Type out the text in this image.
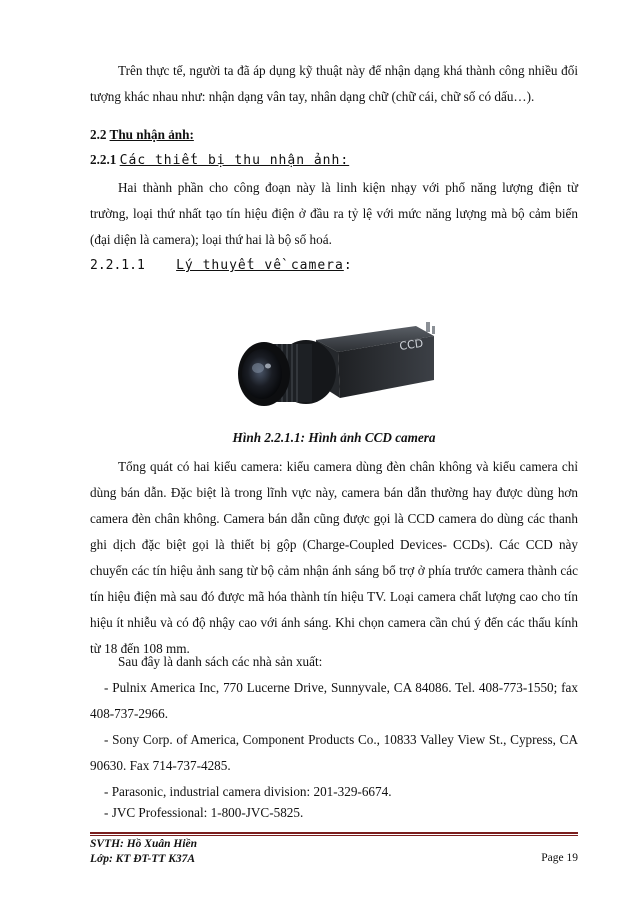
Trên thực tế, người ta đã áp dụng kỹ thuật này để nhận dạng khá thành công nhiều đối tượng khác nhau như: nhận dạng vân tay, nhân dạng chữ (chữ cái, chữ số có dấu…).
2.2 Thu nhận ảnh:
2.2.1 Các thiết bị thu nhận ảnh:
Hai thành phần cho công đoạn này là linh kiện nhạy với phổ năng lượng điện từ trường, loại thứ nhất tạo tín hiệu điện ở đầu ra tỷ lệ với mức năng lượng mà bộ cảm biến (đại diện là camera); loại thứ hai là bộ số hoá.
2.2.1.1 Lý thuyết về camera:
CCD
Hình 2.2.1.1: Hình ảnh CCD camera
Tổng quát có hai kiểu camera: kiểu camera dùng đèn chân không và kiểu camera chỉ dùng bán dẫn. Đặc biệt là trong lĩnh vực này, camera bán dẫn thường hay được dùng hơn camera đèn chân không. Camera bán dẫn cũng được gọi là CCD camera do dùng các thanh ghi dịch đặc biệt gọi là thiết bị gộp (Charge-Coupled Devices- CCDs). Các CCD này chuyển các tín hiệu ảnh sang từ bộ cảm nhận ánh sáng bổ trợ ở phía trước camera thành các tín hiệu điện mà sau đó được mã hóa thành tín hiệu TV. Loại camera chất lượng cao cho tín hiệu ít nhiễu và có độ nhậy cao với ánh sáng. Khi chọn camera cần chú ý đến các thấu kính từ 18 đến 108 mm.
Sau đây là danh sách các nhà sản xuất:
- Pulnix America Inc, 770 Lucerne Drive, Sunnyvale, CA 84086. Tel. 408-773-1550; fax 408-737-2966.
- Sony Corp. of America, Component Products Co., 10833 Valley View St., Cypress, CA 90630. Fax 714-737-4285.
- Parasonic, industrial camera division: 201-329-6674.
- JVC Professional: 1-800-JVC-5825.
SVTH: Hồ Xuân Hiền
Lớp: KT ĐT-TT K37A	Page 19
